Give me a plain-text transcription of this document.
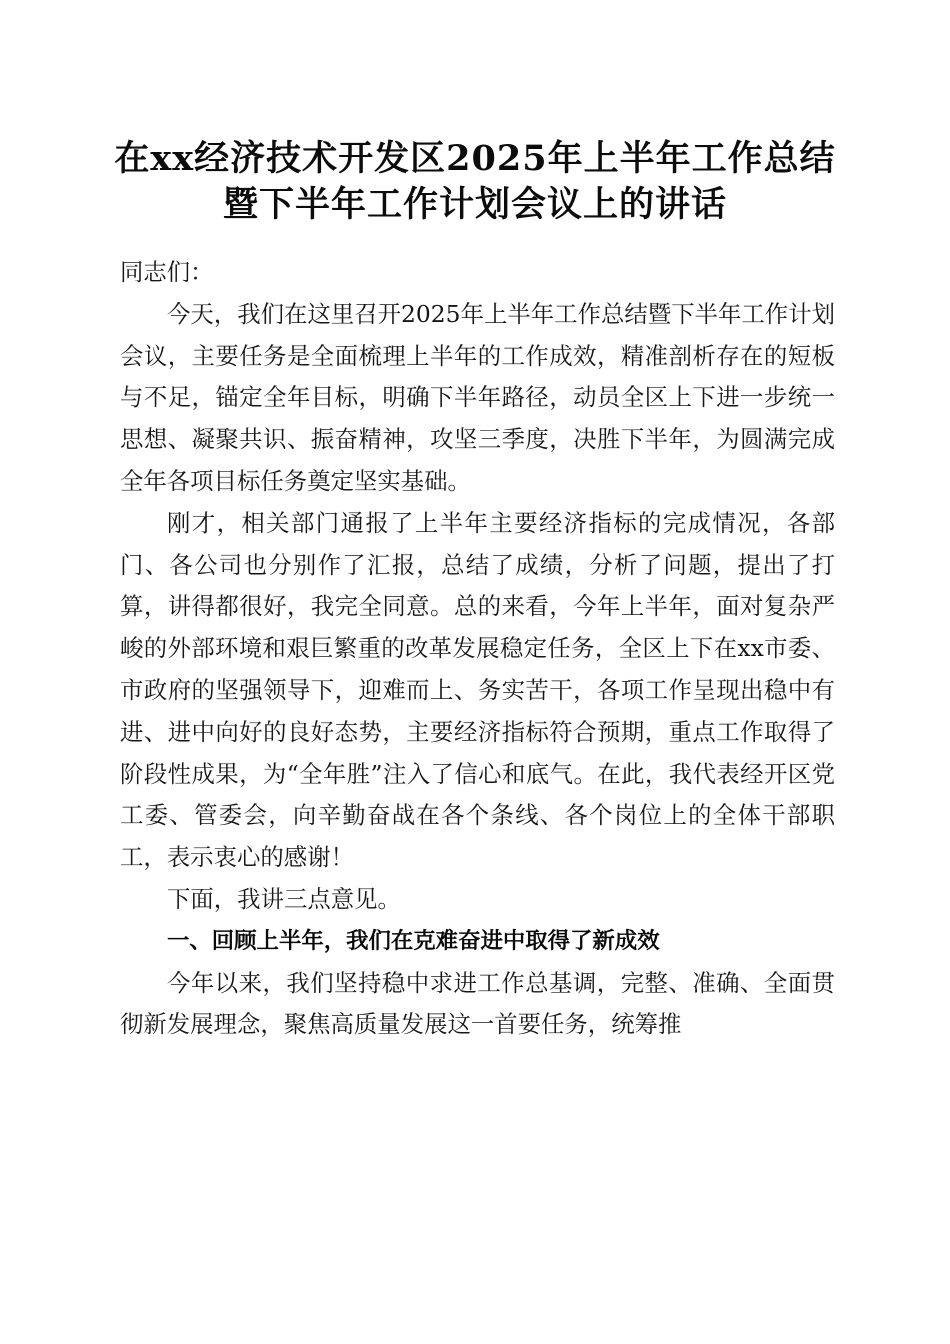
在xx经济技术开发区2025年上半年工作总结
暨下半年工作计划会议上的讲话

同志们：

今天，我们在这里召开2025年上半年工作总结暨下半年工作计划会议，主要任务是全面梳理上半年的工作成效，精准剖析存在的短板与不足，锚定全年目标，明确下半年路径，动员全区上下进一步统一思想、凝聚共识、振奋精神，攻坚三季度，决胜下半年，为圆满完成全年各项目标任务奠定坚实基础。

刚才，相关部门通报了上半年主要经济指标的完成情况，各部门、各公司也分别作了汇报，总结了成绩，分析了问题，提出了打算，讲得都很好，我完全同意。总的来看，今年上半年，面对复杂严峻的外部环境和艰巨繁重的改革发展稳定任务，全区上下在xx市委、市政府的坚强领导下，迎难而上、务实苦干，各项工作呈现出稳中有进、进中向好的良好态势，主要经济指标符合预期，重点工作取得了阶段性成果，为“全年胜”注入了信心和底气。在此，我代表经开区党工委、管委会，向辛勤奋战在各个条线、各个岗位上的全体干部职工，表示衷心的感谢！

下面，我讲三点意见。

一、回顾上半年，我们在克难奋进中取得了新成效

今年以来，我们坚持稳中求进工作总基调，完整、准确、全面贯彻新发展理念，聚焦高质量发展这一首要任务，统筹推
